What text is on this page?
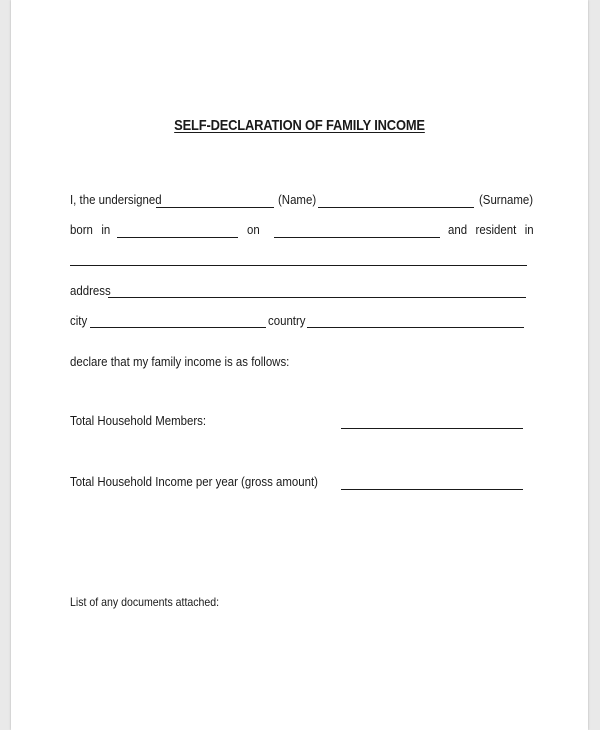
SELF-DECLARATION OF FAMILY INCOME
I, the undersigned	(Name)	(Surname)
born in	on	and resident in
address
city	country
declare that my family income is as follows:
Total Household Members:
Total Household Income per year (gross amount)
List of any documents attached:
